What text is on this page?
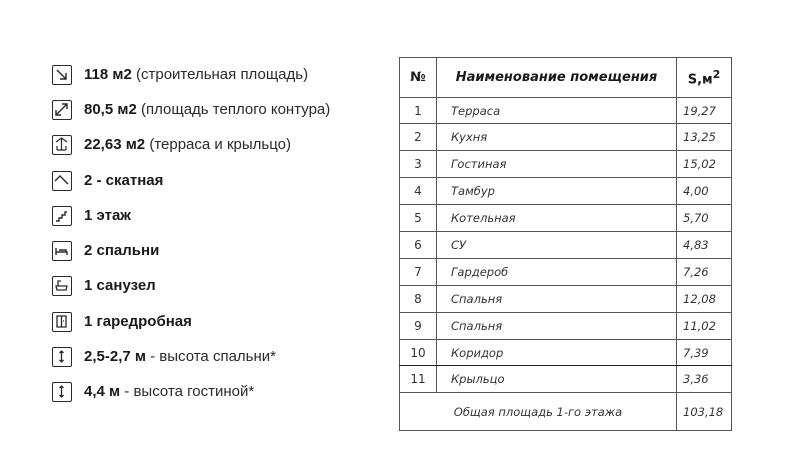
118 м2 (строительная площадь)
80,5 м2 (площадь теплого контура)
22,63 м2 (терраса и крыльцо)
2 - скатная
1 этаж
2 спальни
1 санузел
1 гаредробная
2,5-2,7 м - высота спальни*
4,4 м - высота гостиной*
№	Наименование помещения	$S,м^2$
1	Терраса	19,27
2	Кухня	13,25
3	Гостиная	15,02
4	Тамбур	4,00
5	Котельная	5,70
6	СУ	4,83
7	Гардероб	7,26
8	Спальня	12,08
9	Спальня	11,02
10	Коридор	7,39
11	Крыльцо	3,36
Общая площадь 1-го этажа		103,18
